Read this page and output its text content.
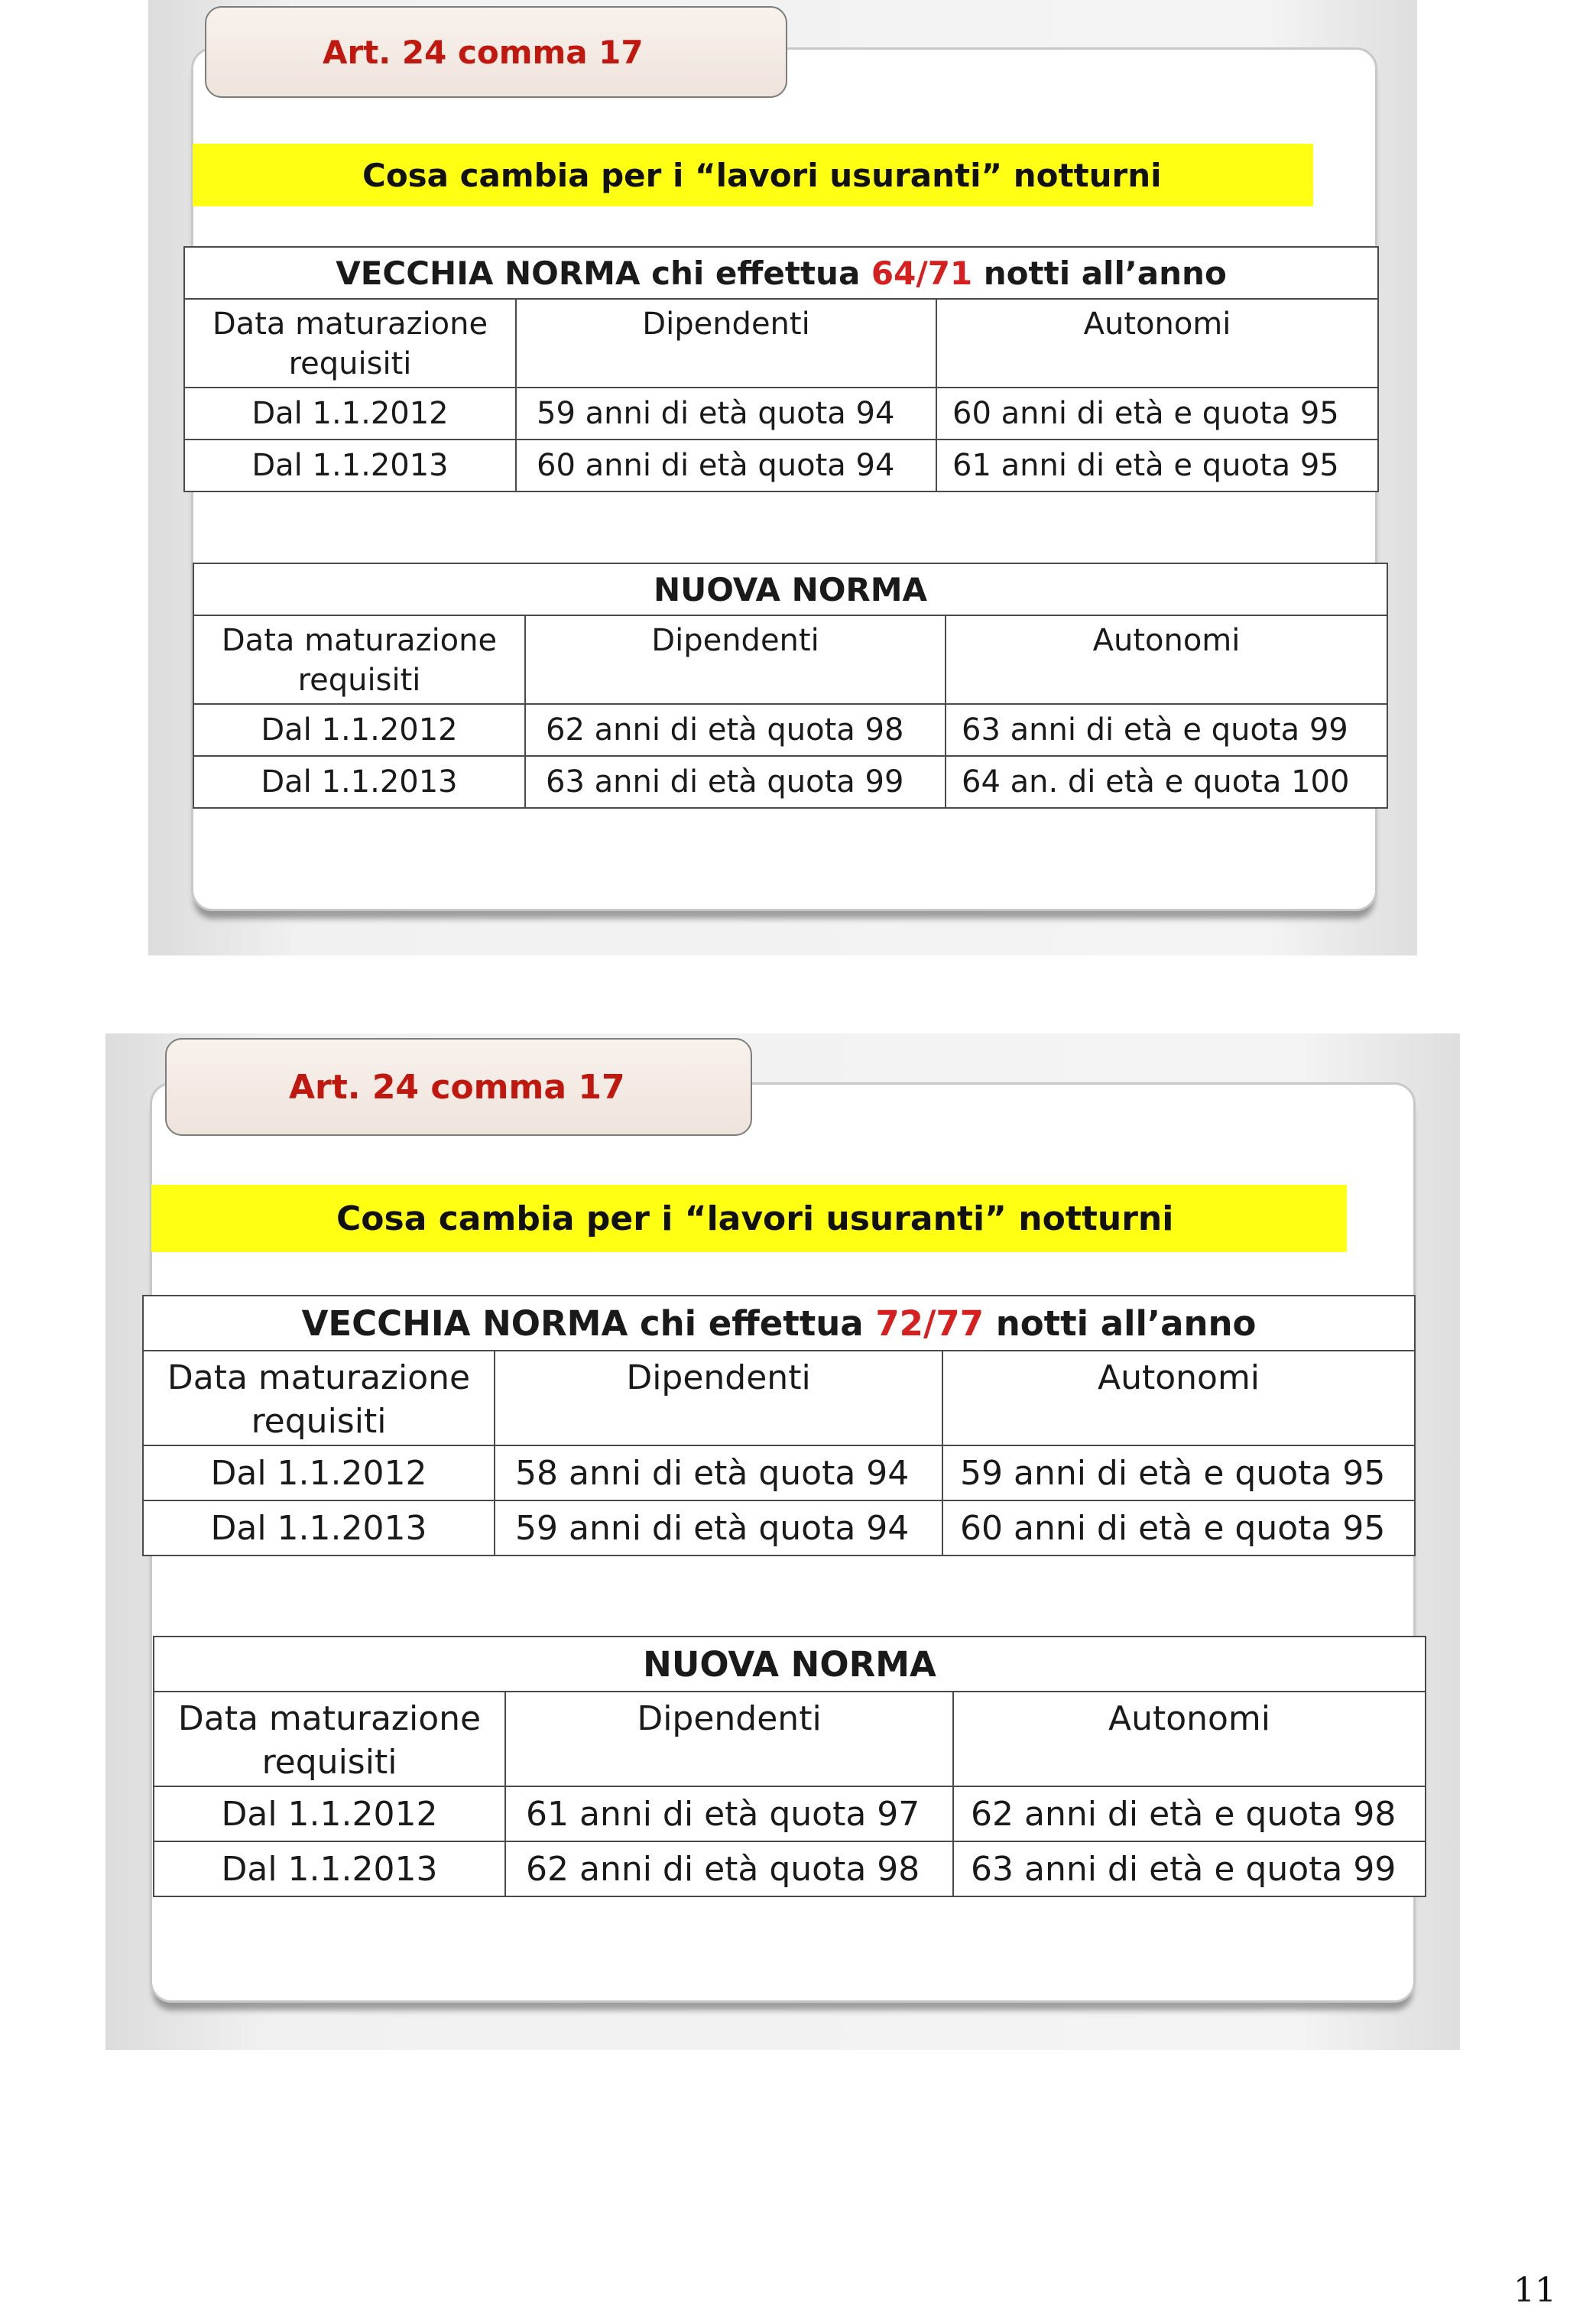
Art. 24 comma 17
Cosa cambia per i “lavori usuranti” notturni
VECCHIA NORMA chi effettua 64/71 notti all’anno		
Data maturazione requisiti	Dipendenti	Autonomi
Dal 1.1.2012	59 anni di età quota 94	60 anni di età e quota 95
Dal 1.1.2013	60 anni di età quota 94	61 anni di età e quota 95
NUOVA NORMA		
Data maturazione requisiti	Dipendenti	Autonomi
Dal 1.1.2012	62 anni di età quota 98	63 anni di età e quota 99
Dal 1.1.2013	63 anni di età quota 99	64 an. di età e quota 100
Art. 24 comma 17
Cosa cambia per i “lavori usuranti” notturni
VECCHIA NORMA chi effettua 72/77 notti all’anno		
Data maturazione requisiti	Dipendenti	Autonomi
Dal 1.1.2012	58 anni di età quota 94	59 anni di età e quota 95
Dal 1.1.2013	59 anni di età quota 94	60 anni di età e quota 95
NUOVA NORMA		
Data maturazione requisiti	Dipendenti	Autonomi
Dal 1.1.2012	61 anni di età quota 97	62 anni di età e quota 98
Dal 1.1.2013	62 anni di età quota 98	63 anni di età e quota 99
11
